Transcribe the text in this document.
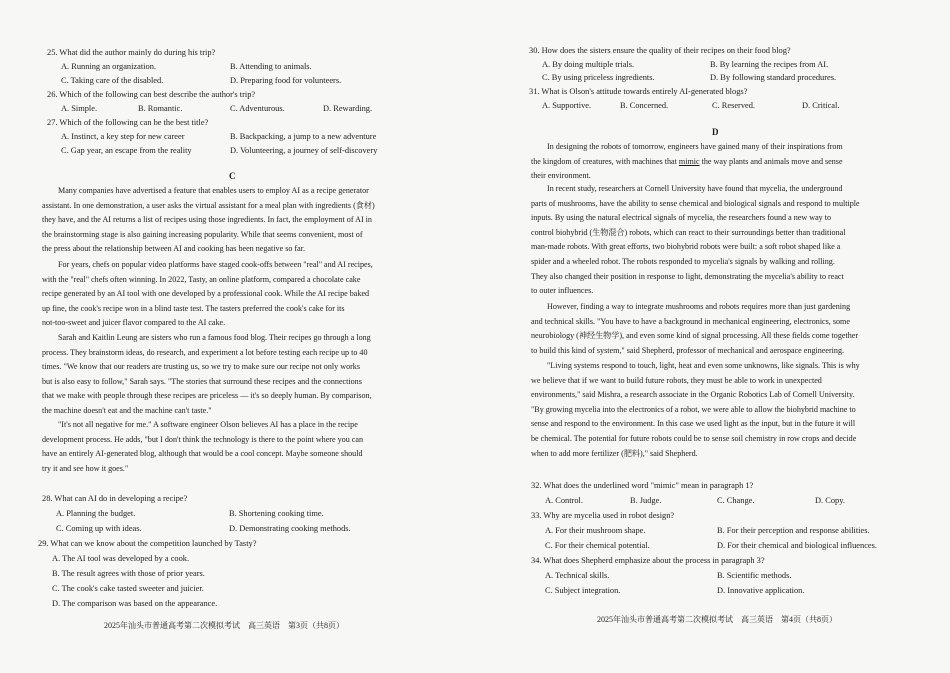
25. What did the author mainly do during his trip?
A. Running an organization.	B. Attending to animals.
C. Taking care of the disabled.	D. Preparing food for volunteers.
26. Which of the following can best describe the author's trip?
A. Simple.	B. Romantic.	C. Adventurous.	D. Rewarding.
27. Which of the following can be the best title?
A. Instinct, a key step for new career	B. Backpacking, a jump to a new adventure
C. Gap year, an escape from the reality	D. Volunteering, a journey of self-discovery
C
Many companies have advertised a feature that enables users to employ AI as a recipe generator
assistant. In one demonstration, a user asks the virtual assistant for a meal plan with ingredients (食材)
they have, and the AI returns a list of recipes using those ingredients. In fact, the employment of AI in
the brainstorming stage is also gaining increasing popularity. While that seems convenient, most of
the press about the relationship between AI and cooking has been negative so far.
For years, chefs on popular video platforms have staged cook-offs between "real" and AI recipes,
with the "real" chefs often winning. In 2022, Tasty, an online platform, compared a chocolate cake
recipe generated by an AI tool with one developed by a professional cook. While the AI recipe baked
up fine, the cook's recipe won in a blind taste test. The tasters preferred the cook's cake for its
not-too-sweet and juicer flavor compared to the AI cake.
Sarah and Kaitlin Leung are sisters who run a famous food blog. Their recipes go through a long
process. They brainstorm ideas, do research, and experiment a lot before testing each recipe up to 40
times. "We know that our readers are trusting us, so we try to make sure our recipe not only works
but is also easy to follow," Sarah says. "The stories that surround these recipes and the connections
that we make with people through these recipes are priceless — it's so deeply human. By comparison,
the machine doesn't eat and the machine can't taste."
"It's not all negative for me." A software engineer Olson believes AI has a place in the recipe
development process. He adds, "but I don't think the technology is there to the point where you can
have an entirely AI-generated blog, although that would be a cool concept. Maybe someone should
try it and see how it goes."
28. What can AI do in developing a recipe?
A. Planning the budget.	B. Shortening cooking time.
C. Coming up with ideas.	D. Demonstrating cooking methods.
29. What can we know about the competition launched by Tasty?
A. The AI tool was developed by a cook.
B. The result agrees with those of prior years.
C. The cook's cake tasted sweeter and juicier.
D. The comparison was based on the appearance.
2025年汕头市普通高考第二次模拟考试　高三英语　第3页（共8页）
30. How does the sisters ensure the quality of their recipes on their food blog?
A. By doing multiple trials.	B. By learning the recipes from AI.
C. By using priceless ingredients.	D. By following standard procedures.
31. What is Olson's attitude towards entirely AI-generated blogs?
A. Supportive.	B. Concerned.	C. Reserved.	D. Critical.
D
In designing the robots of tomorrow, engineers have gained many of their inspirations from
the kingdom of creatures, with machines that mimic the way plants and animals move and sense
their environment.
In recent study, researchers at Cornell University have found that mycelia, the underground
parts of mushrooms, have the ability to sense chemical and biological signals and respond to multiple
inputs. By using the natural electrical signals of mycelia, the researchers found a new way to
control biohybrid (生物混合) robots, which can react to their surroundings better than traditional
man-made robots. With great efforts, two biohybrid robots were built: a soft robot shaped like a
spider and a wheeled robot. The robots responded to mycelia's signals by walking and rolling.
They also changed their position in response to light, demonstrating the mycelia's ability to react
to outer influences.
However, finding a way to integrate mushrooms and robots requires more than just gardening
and technical skills. "You have to have a background in mechanical engineering, electronics, some
neurobiology (神经生物学), and even some kind of signal processing. All these fields come together
to build this kind of system," said Shepherd, professor of mechanical and aerospace engineering.
"Living systems respond to touch, light, heat and even some unknowns, like signals. This is why
we believe that if we want to build future robots, they must be able to work in unexpected
environments," said Mishra, a research associate in the Organic Robotics Lab of Cornell University.
"By growing mycelia into the electronics of a robot, we were able to allow the biohybrid machine to
sense and respond to the environment. In this case we used light as the input, but in the future it will
be chemical. The potential for future robots could be to sense soil chemistry in row crops and decide
when to add more fertilizer (肥料)," said Shepherd.
32. What does the underlined word "mimic" mean in paragraph 1?
A. Control.	B. Judge.	C. Change.	D. Copy.
33. Why are mycelia used in robot design?
A. For their mushroom shape.	B. For their perception and response abilities.
C. For their chemical potential.	D. For their chemical and biological influences.
34. What does Shepherd emphasize about the process in paragraph 3?
A. Technical skills.	B. Scientific methods.
C. Subject integration.	D. Innovative application.
2025年汕头市普通高考第二次模拟考试　高三英语　第4页（共8页）
